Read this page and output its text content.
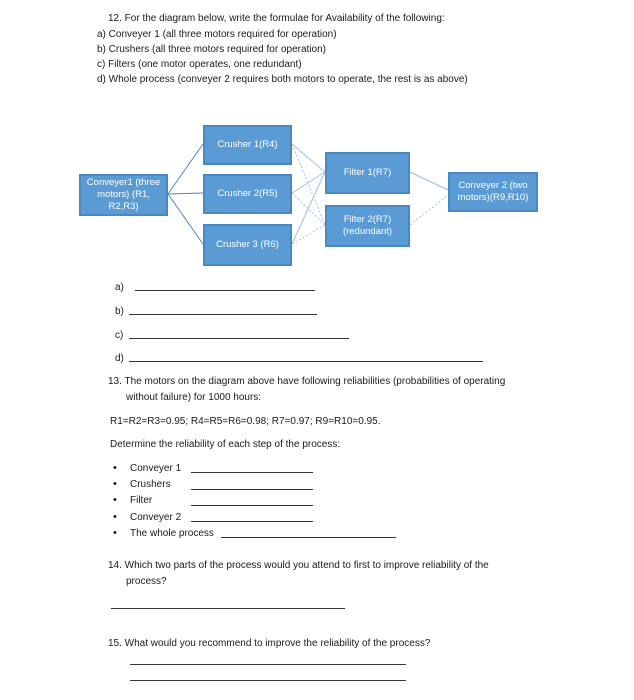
12. For the diagram below, write the formulae for Availability of the following:
a) Conveyer 1 (all three motors required for operation)
b) Crushers (all three motors required for operation)
c) Filters (one motor operates, one redundant)
d) Whole process (conveyer 2 requires both motors to operate, the rest is as above)
Conveyer1 (three
motors) (R1,
R2,R3)
Crusher 1(R4)
Crusher 2(R5)
Crusher 3 (R6)
Filter 1(R7)
Filter 2(R7)
(redundant)
Conveyer 2 (two
motors)(R9,R10)
a)
b)
c)
d)
13. The motors on the diagram above have following reliabilities (probabilities of operating
without failure) for 1000 hours:
R1=R2=R3=0.95; R4=R5=R6=0.98; R7=0.97; R9=R10=0.95.
Determine the reliability of each step of the process:
• Conveyer 1
• Crushers
• Filter
• Conveyer 2
• The whole process
14. Which two parts of the process would you attend to first to improve reliability of the
process?
15. What would you recommend to improve the reliability of the process?
